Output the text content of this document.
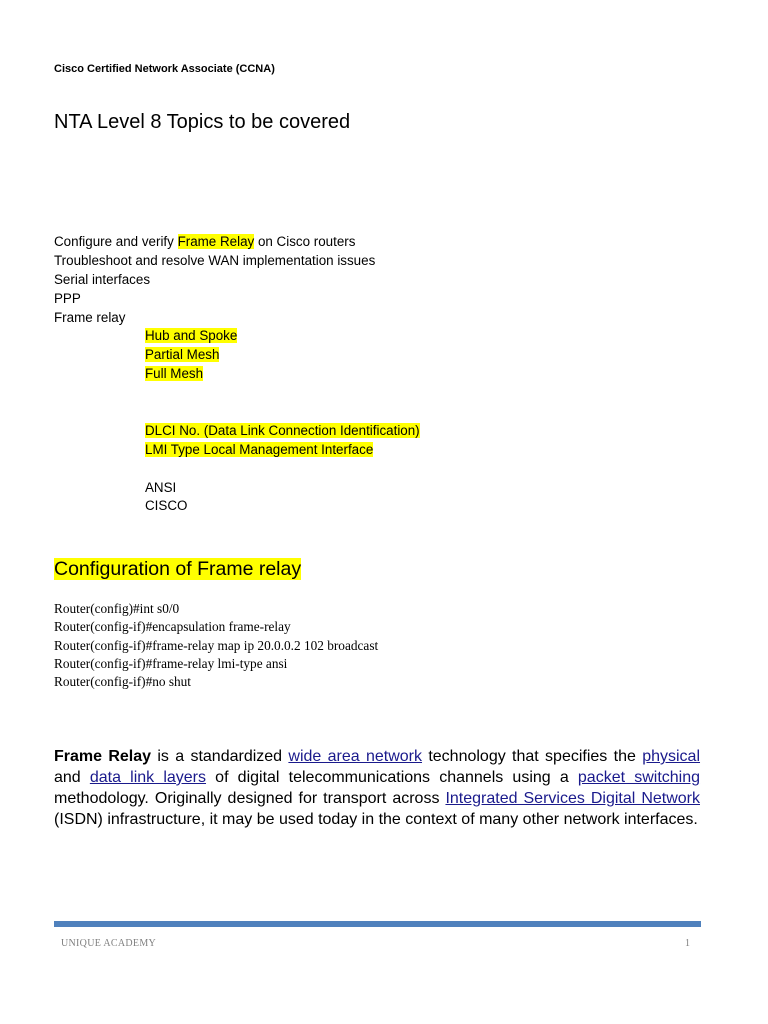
Cisco Certified Network Associate (CCNA)
NTA Level 8 Topics to be covered
Configure and verify Frame Relay on Cisco routers
Troubleshoot and resolve WAN implementation issues
Serial interfaces
PPP
Frame relay
Hub and Spoke
Partial Mesh
Full Mesh
DLCI No. (Data Link Connection Identification)
LMI Type Local Management Interface
ANSI
CISCO
Configuration of Frame relay
Router(config)#int s0/0
Router(config-if)#encapsulation frame-relay
Router(config-if)#frame-relay map ip 20.0.0.2 102 broadcast
Router(config-if)#frame-relay lmi-type ansi
Router(config-if)#no shut
Frame Relay is a standardized wide area network technology that specifies the physical and data link layers of digital telecommunications channels using a packet switching methodology. Originally designed for transport across Integrated Services Digital Network (ISDN) infrastructure, it may be used today in the context of many other network interfaces.
UNIQUE ACADEMY	1
